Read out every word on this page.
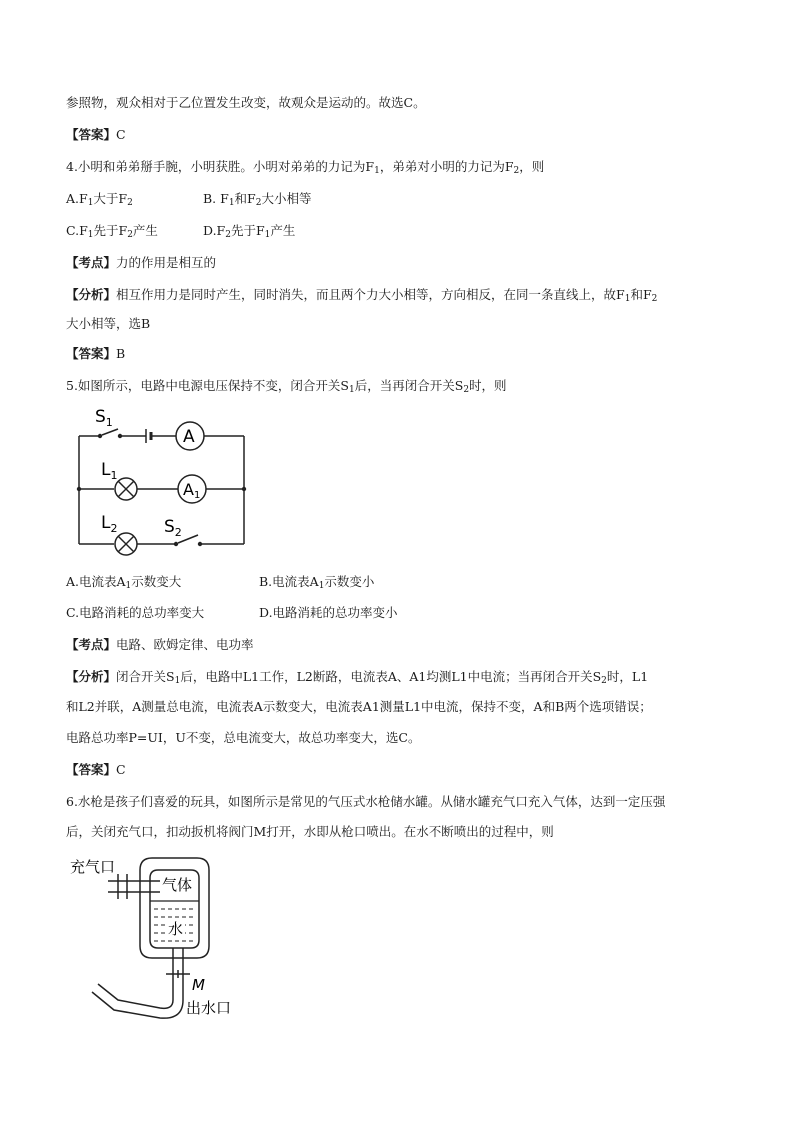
参照物，观众相对于乙位置发生改变，故观众是运动的。故选C。
【答案】C
4.小明和弟弟掰手腕，小明获胜。小明对弟弟的力记为$F_1$，弟弟对小明的力记为$F_2$，则
$A.F_1$大于$F_2$	B. $F_1$和$F_2$大小相等
$C.F_1$先于$F_2$产生	$D.F_2$先于$F_1$产生
【考点】力的作用是相互的
【分析】相互作用力是同时产生，同时消失，而且两个力大小相等，方向相反，在同一条直线上，故$F_1$和$F_2$
大小相等，选B
【答案】B
5.如图所示，电路中电源电压保持不变，闭合开关$S_1$后，当再闭合开关$S_2$时，则
$S_1$
$L_1$
$L_2$	$S_2$
A
A1
A.电流表$A_1$示数变大	B.电流表$A_1$示数变小
C.电路消耗的总功率变大	D.电路消耗的总功率变小
【考点】电路、欧姆定律、电功率
【分析】闭合开关$S_1$后，电路中L1工作，L2断路，电流表A、A1均测L1中电流；当再闭合开关$S_2$时，L1
和L2并联，A测量总电流，电流表A示数变大，电流表A1测量L1中电流，保持不变，A和B两个选项错误；
电路总功率P=UI，U不变，总电流变大，故总功率变大，选C。
【答案】C
6.水枪是孩子们喜爱的玩具，如图所示是常见的气压式水枪储水罐。从储水罐充气口充入气体，达到一定压强
后，关闭充气口，扣动扳机将阀门M打开，水即从枪口喷出。在水不断喷出的过程中，则
充气口
气体
水
M
出水口
